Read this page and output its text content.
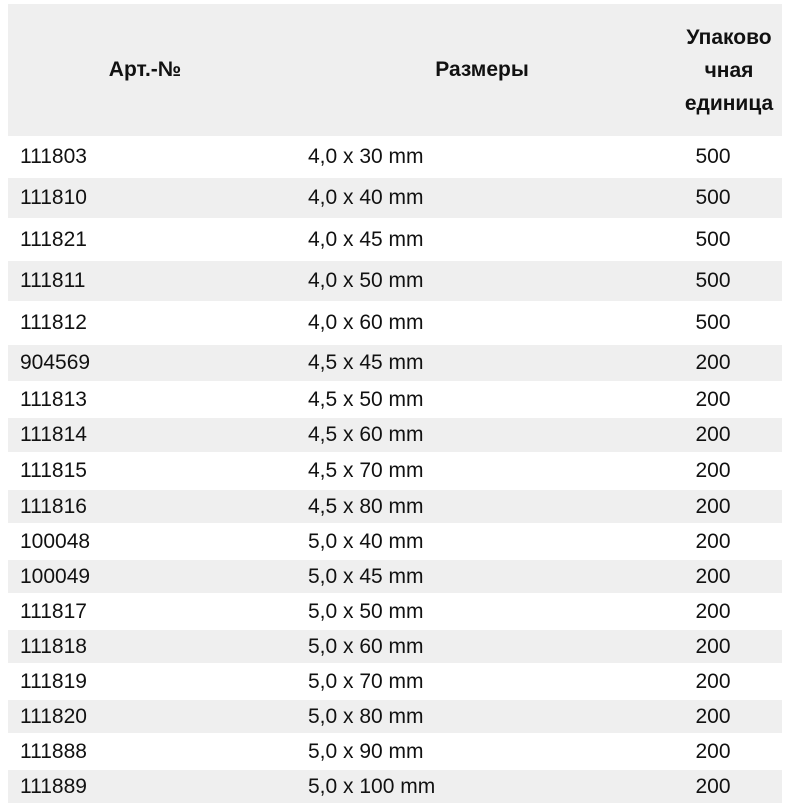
Арт.-№	Размеры
Упаково
чная
единица
111803	4,0 x 30 mm	500
111810	4,0 x 40 mm	500
111821	4,0 x 45 mm	500
111811	4,0 x 50 mm	500
111812	4,0 x 60 mm	500
904569	4,5 x 45 mm	200
111813	4,5 x 50 mm	200
111814	4,5 x 60 mm	200
111815	4,5 x 70 mm	200
111816	4,5 x 80 mm	200
100048	5,0 x 40 mm	200
100049	5,0 x 45 mm	200
111817	5,0 x 50 mm	200
111818	5,0 x 60 mm	200
111819	5,0 x 70 mm	200
111820	5,0 x 80 mm	200
111888	5,0 x 90 mm	200
111889	5,0 x 100 mm	200
